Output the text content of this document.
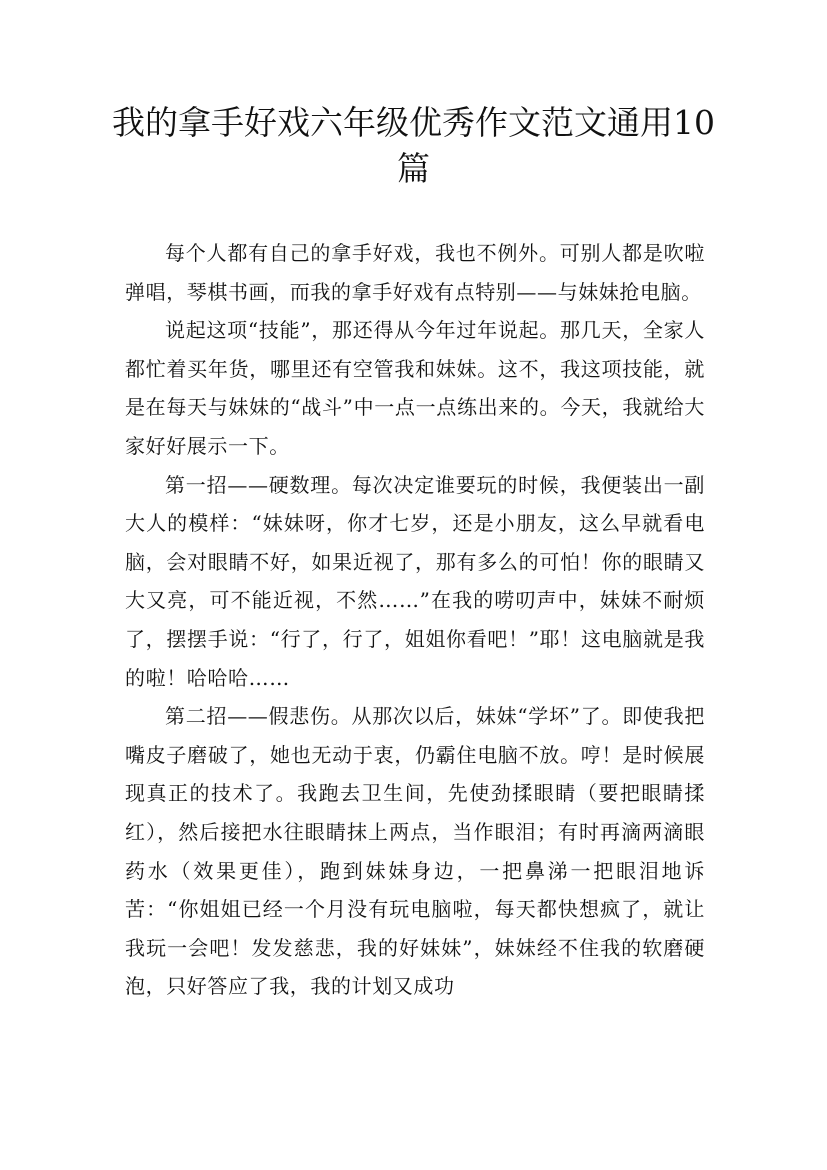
我的拿手好戏六年级优秀作文范文通用10篇

每个人都有自己的拿手好戏，我也不例外。可别人都是吹啦弹唱，琴棋书画，而我的拿手好戏有点特别——与妹妹抢电脑。

说起这项“技能”，那还得从今年过年说起。那几天，全家人都忙着买年货，哪里还有空管我和妹妹。这不，我这项技能，就是在每天与妹妹的“战斗”中一点一点练出来的。今天，我就给大家好好展示一下。

第一招——硬数理。每次决定谁要玩的时候，我便装出一副大人的模样：“妹妹呀，你才七岁，还是小朋友，这么早就看电脑，会对眼睛不好，如果近视了，那有多么的可怕！你的眼睛又大又亮，可不能近视，不然……”在我的唠叨声中，妹妹不耐烦了，摆摆手说：“行了，行了，姐姐你看吧！”耶！这电脑就是我的啦！哈哈哈……

第二招——假悲伤。从那次以后，妹妹“学坏”了。即使我把嘴皮子磨破了，她也无动于衷，仍霸住电脑不放。哼！是时候展现真正的技术了。我跑去卫生间，先使劲揉眼睛（要把眼睛揉红），然后接把水往眼睛抹上两点，当作眼泪；有时再滴两滴眼药水（效果更佳），跑到妹妹身边，一把鼻涕一把眼泪地诉苦：“你姐姐已经一个月没有玩电脑啦，每天都快想疯了，就让我玩一会吧！发发慈悲，我的好妹妹”，妹妹经不住我的软磨硬泡，只好答应了我，我的计划又成功
